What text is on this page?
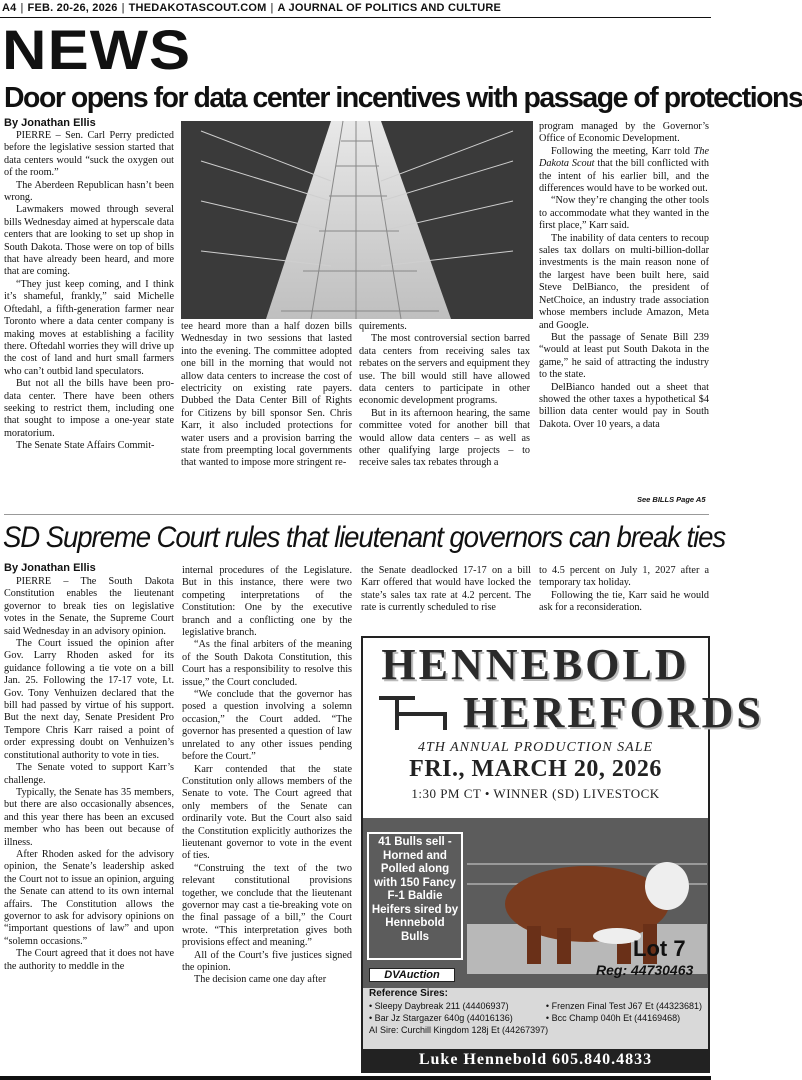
A4 | FEB. 20-26, 2026 | THEDAKOTASCOUT.COM | A JOURNAL OF POLITICS AND CULTURE
NEWS
Door opens for data center incentives with passage of protections
By Jonathan Ellis

PIERRE – Sen. Carl Perry predicted before the legislative session started that data centers would “suck the oxygen out of the room.”

The Aberdeen Republican hasn’t been wrong.

Lawmakers mowed through several bills Wednesday aimed at hyperscale data centers that are looking to set up shop in South Dakota. Those were on top of bills that have already been heard, and more that are coming.

“They just keep coming, and I think it’s shameful, frankly,” said Michelle Oftedahl, a fifth-generation farmer near Toronto where a data center company is making moves at establishing a facility there. Oftedahl worries they will drive up the cost of land and hurt small farmers who can’t outbid land speculators.

But not all the bills have been pro-data center. There have been others seeking to restrict them, including one that sought to impose a one-year state moratorium.

The Senate State Affairs Commit-

tee heard more than a half dozen bills Wednesday in two sessions that lasted into the evening. The committee adopted one bill in the morning that would not allow data centers to increase the cost of electricity on existing rate payers. Dubbed the Data Center Bill of Rights for Citizens by bill sponsor Sen. Chris Karr, it also included protections for water users and a provision barring the state from preempting local governments that wanted to impose more stringent re-

quirements.

The most controversial section barred data centers from receiving sales tax rebates on the servers and equipment they use. The bill would still have allowed data centers to participate in other economic development programs.

But in its afternoon hearing, the same committee voted for another bill that would allow data centers – as well as other qualifying large projects – to receive sales tax rebates through a

program managed by the Governor’s Office of Economic Development.

Following the meeting, Karr told The Dakota Scout that the bill conflicted with the intent of his earlier bill, and the differences would have to be worked out.

“Now they’re changing the other tools to accommodate what they wanted in the first place,” Karr said.

The inability of data centers to recoup sales tax dollars on multi-billion-dollar investments is the main reason none of the largest have been built here, said Steve DelBianco, the president of NetChoice, an industry trade association whose members include Amazon, Meta and Google.

But the passage of Senate Bill 239 “would at least put South Dakota in the game,” he said of attracting the industry to the state.

DelBianco handed out a sheet that showed the other taxes a hypothetical $4 billion data center would pay in South Dakota. Over 10 years, a data

See BILLS Page A5
SD Supreme Court rules that lieutenant governors can break ties
By Jonathan Ellis

PIERRE – The South Dakota Constitution enables the lieutenant governor to break ties on legislative votes in the Senate, the Supreme Court said Wednesday in an advisory opinion.

The Court issued the opinion after Gov. Larry Rhoden asked for its guidance following a tie vote on a bill Jan. 25. Following the 17-17 vote, Lt. Gov. Tony Venhuizen declared that the bill had passed by virtue of his support. But the next day, Senate President Pro Tempore Chris Karr raised a point of order expressing doubt on Venhuizen’s constitutional authority to vote in ties.

The Senate voted to support Karr’s challenge.

Typically, the Senate has 35 members, but there are also occasionally absences, and this year there has been an excused member who has been out because of illness.

After Rhoden asked for the advisory opinion, the Senate’s leadership asked the Court not to issue an opinion, arguing the Senate can attend to its own internal affairs. The Constitution allows the governor to ask for advisory opinions on “important questions of law” and upon “solemn occasions.”

The Court agreed that it does not have the authority to meddle in the

internal procedures of the Legislature. But in this instance, there were two competing interpretations of the Constitution: One by the executive branch and a conflicting one by the legislative branch.

“As the final arbiters of the meaning of the South Dakota Constitution, this Court has a responsibility to resolve this issue,” the Court concluded.

“We conclude that the governor has posed a question involving a solemn occasion,” the Court added. “The governor has presented a question of law unrelated to any other issues pending before the Court.”

Karr contended that the state Constitution only allows members of the Senate to vote. The Court agreed that only members of the Senate can ordinarily vote. But the Court also said the Constitution explicitly authorizes the lieutenant governor to vote in the event of ties.

“Construing the text of the two relevant constitutional provisions together, we conclude that the lieutenant governor may cast a tie-breaking vote on the final passage of a bill,” the Court wrote. “This interpretation gives both provisions effect and meaning.”

All of the Court’s five justices signed the opinion.

The decision came one day after

the Senate deadlocked 17-17 on a bill Karr offered that would have locked the state’s sales tax rate at 4.2 percent. The rate is currently scheduled to rise

to 4.5 percent on July 1, 2027 after a temporary tax holiday.

Following the tie, Karr said he would ask for a reconsideration.

HENNEBOLD
HEREFORDS
4TH ANNUAL PRODUCTION SALE
FRI., MARCH 20, 2026
1:30 PM CT • WINNER (SD) LIVESTOCK
41 Bulls sell - Horned and Polled along with 150 Fancy F-1 Baldie Heifers sired by Hennebold Bulls	Lot 7
Reg: 44730463
DVAuction
Reference Sires:
• Sleepy Daybreak 211 (44406937)
• Bar Jz Stargazer 640g (44016136)
• Frenzen Final Test J67 Et (44323681)
• Bcc Champ 040h Et (44169468)
AI Sire: Curchill Kingdom 128j Et (44267397)
Luke Hennebold 605.840.4833
